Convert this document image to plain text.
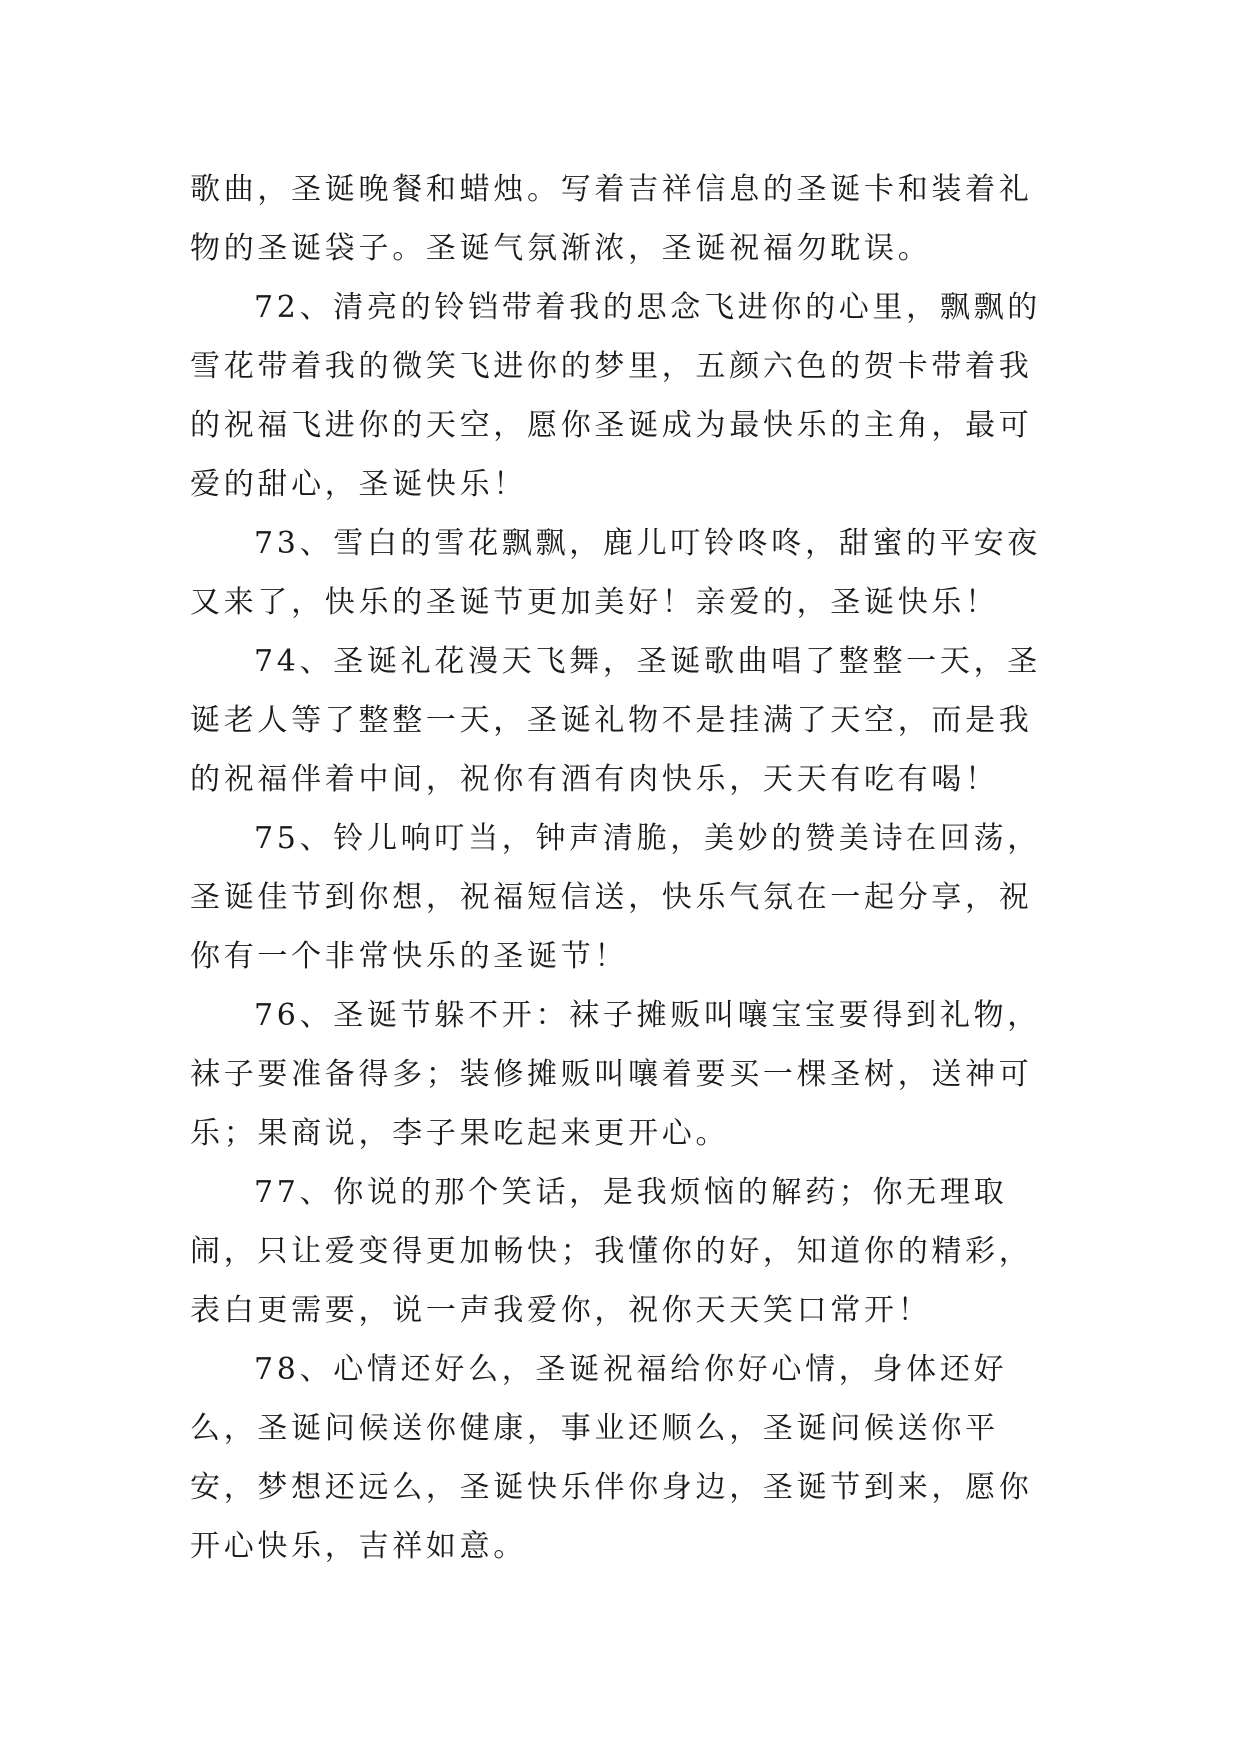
歌曲，圣诞晚餐和蜡烛。写着吉祥信息的圣诞卡和装着礼物的圣诞袋子。圣诞气氛渐浓，圣诞祝福勿耽误。

72、清亮的铃铛带着我的思念飞进你的心里，飘飘的雪花带着我的微笑飞进你的梦里，五颜六色的贺卡带着我的祝福飞进你的天空，愿你圣诞成为最快乐的主角，最可爱的甜心，圣诞快乐！

73、雪白的雪花飘飘，鹿儿叮铃咚咚，甜蜜的平安夜又来了，快乐的圣诞节更加美好！亲爱的，圣诞快乐！

74、圣诞礼花漫天飞舞，圣诞歌曲唱了整整一天，圣诞老人等了整整一天，圣诞礼物不是挂满了天空，而是我的祝福伴着中间，祝你有酒有肉快乐，天天有吃有喝！

75、铃儿响叮当，钟声清脆，美妙的赞美诗在回荡，圣诞佳节到你想，祝福短信送，快乐气氛在一起分享，祝你有一个非常快乐的圣诞节！

76、圣诞节躲不开：袜子摊贩叫嚷宝宝要得到礼物，袜子要准备得多；装修摊贩叫嚷着要买一棵圣树，送神可乐；果商说，李子果吃起来更开心。

77、你说的那个笑话，是我烦恼的解药；你无理取闹，只让爱变得更加畅快；我懂你的好，知道你的精彩，表白更需要，说一声我爱你，祝你天天笑口常开！

78、心情还好么，圣诞祝福给你好心情，身体还好么，圣诞问候送你健康，事业还顺么，圣诞问候送你平安，梦想还远么，圣诞快乐伴你身边，圣诞节到来，愿你开心快乐，吉祥如意。
